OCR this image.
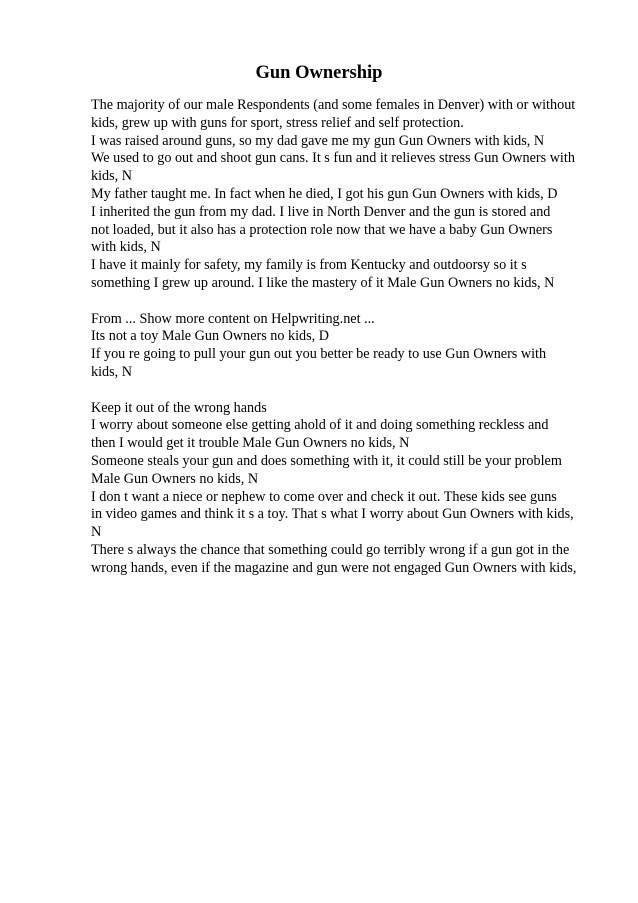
Gun Ownership
The majority of our male Respondents (and some females in Denver) with or without
kids, grew up with guns for sport, stress relief and self protection.
I was raised around guns, so my dad gave me my gun Gun Owners with kids, N
We used to go out and shoot gun cans. It s fun and it relieves stress Gun Owners with
kids, N
My father taught me. In fact when he died, I got his gun Gun Owners with kids, D
I inherited the gun from my dad. I live in North Denver and the gun is stored and
not loaded, but it also has a protection role now that we have a baby Gun Owners
with kids, N
I have it mainly for safety, my family is from Kentucky and outdoorsy so it s
something I grew up around. I like the mastery of it Male Gun Owners no kids, N
From ... Show more content on Helpwriting.net ...
Its not a toy Male Gun Owners no kids, D
If you re going to pull your gun out you better be ready to use Gun Owners with
kids, N
Keep it out of the wrong hands
I worry about someone else getting ahold of it and doing something reckless and
then I would get it trouble Male Gun Owners no kids, N
Someone steals your gun and does something with it, it could still be your problem
Male Gun Owners no kids, N
I don t want a niece or nephew to come over and check it out. These kids see guns
in video games and think it s a toy. That s what I worry about Gun Owners with kids,
N
There s always the chance that something could go terribly wrong if a gun got in the
wrong hands, even if the magazine and gun were not engaged Gun Owners with kids,
